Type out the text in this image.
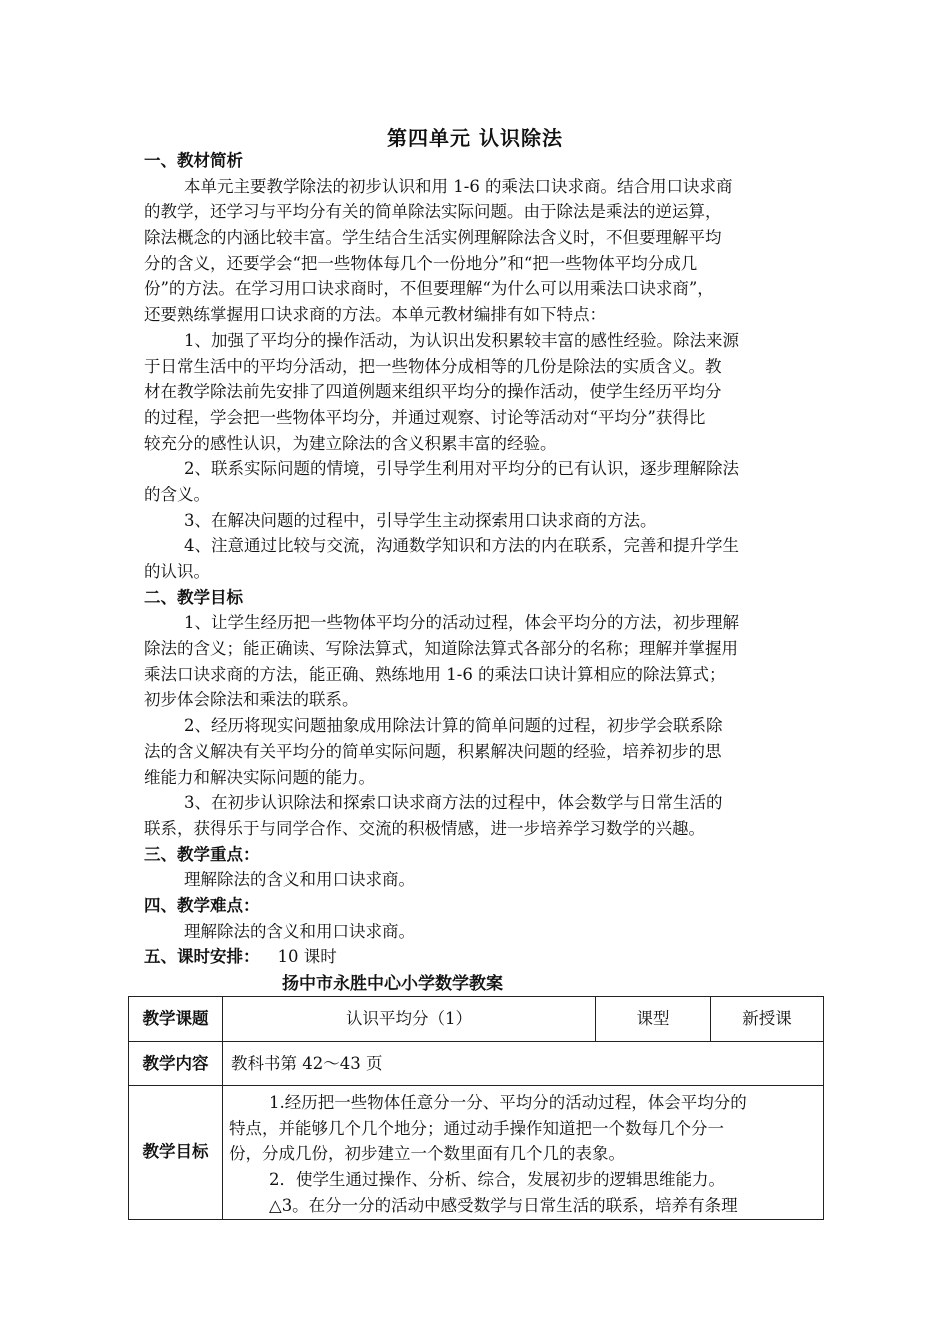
第四单元 认识除法
一、教材简析
本单元主要教学除法的初步认识和用 1-6 的乘法口诀求商。结合用口诀求商
的教学，还学习与平均分有关的简单除法实际问题。由于除法是乘法的逆运算，
除法概念的内涵比较丰富。学生结合生活实例理解除法含义时，不但要理解平均
分的含义，还要学会“把一些物体每几个一份地分”和“把一些物体平均分成几
份”的方法。在学习用口诀求商时，不但要理解“为什么可以用乘法口诀求商”，
还要熟练掌握用口诀求商的方法。本单元教材编排有如下特点：
1、加强了平均分的操作活动，为认识出发积累较丰富的感性经验。除法来源
于日常生活中的平均分活动，把一些物体分成相等的几份是除法的实质含义。教
材在教学除法前先安排了四道例题来组织平均分的操作活动，使学生经历平均分
的过程，学会把一些物体平均分，并通过观察、讨论等活动对“平均分”获得比
较充分的感性认识，为建立除法的含义积累丰富的经验。
2、联系实际问题的情境，引导学生利用对平均分的已有认识，逐步理解除法
的含义。
3、在解决问题的过程中，引导学生主动探索用口诀求商的方法。
4、注意通过比较与交流，沟通数学知识和方法的内在联系，完善和提升学生
的认识。
二、教学目标
1、让学生经历把一些物体平均分的活动过程，体会平均分的方法，初步理解
除法的含义；能正确读、写除法算式，知道除法算式各部分的名称；理解并掌握用
乘法口诀求商的方法，能正确、熟练地用 1-6 的乘法口诀计算相应的除法算式；
初步体会除法和乘法的联系。
2、经历将现实问题抽象成用除法计算的简单问题的过程，初步学会联系除
法的含义解决有关平均分的简单实际问题，积累解决问题的经验，培养初步的思
维能力和解决实际问题的能力。
3、在初步认识除法和探索口诀求商方法的过程中，体会数学与日常生活的
联系，获得乐于与同学合作、交流的积极情感，进一步培养学习数学的兴趣。
三、教学重点：
理解除法的含义和用口诀求商。
四、教学难点：
理解除法的含义和用口诀求商。
五、课时安排： 10 课时
扬中市永胜中心小学数学教案
教学课题	认识平均分（1）	课型	新授课
教学内容	教科书第 42～43 页		
教学目标	1.经历把一些物体任意分一分、平均分的活动过程，体会平均分的
特点，并能够几个几个地分；通过动手操作知道把一个数每几个分一
份，分成几份，初步建立一个数里面有几个几的表象。
2．使学生通过操作、分析、综合，发展初步的逻辑思维能力。
△3。在分一分的活动中感受数学与日常生活的联系，培养有条理		
